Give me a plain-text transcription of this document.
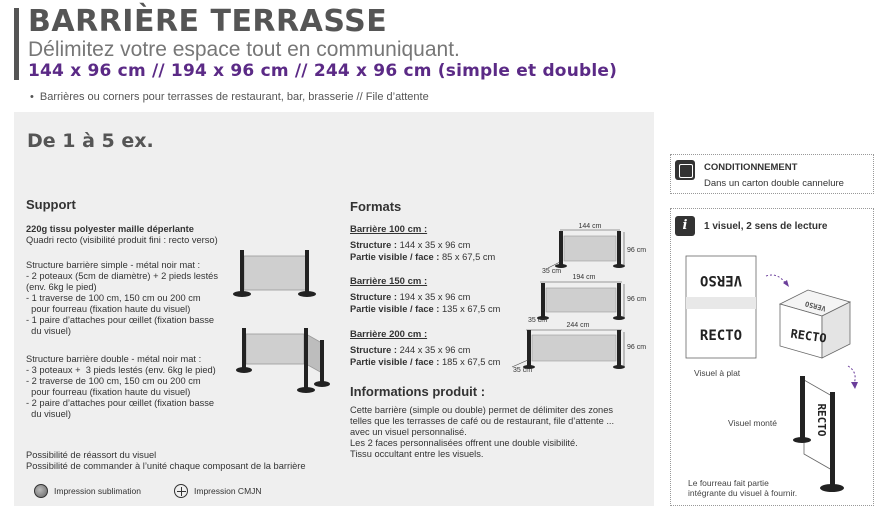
BARRIÈRE TERRASSE
Délimitez votre espace tout en communiquant.
144 x 96 cm // 194 x 96 cm // 244 x 96 cm (simple et double)
• Barrières ou corners pour terrasses de restaurant, bar, brasserie // File d’attente
De 1 à 5 ex.
Support
220g tissu polyester maille déperlante
Quadri recto (visibilité produit fini : recto verso)
Structure barrière simple - métal noir mat :
- 2 poteaux (5cm de diamètre) + 2 pieds lestés
(env. 6kg le pied)
- 1 traverse de 100 cm, 150 cm ou 200 cm
pour fourreau (fixation haute du visuel)
- 1 paire d’attaches pour œillet (fixation basse
du visuel)
Structure barrière double - métal noir mat :
- 3 poteaux +  3 pieds lestés (env. 6kg le pied)
- 2 traverse de 100 cm, 150 cm ou 200 cm
pour fourreau (fixation haute du visuel)
- 2 paire d’attaches pour œillet (fixation basse
du visuel)
Possibilité de réassort du visuel
Possibilité de commander à l’unité chaque composant de la barrière
Impression sublimation	Impression CMJN
Formats
Barrière 100 cm :
Structure : 144 x 35 x 96 cm
Partie visible / face : 85 x 67,5 cm
Barrière 150 cm :
Structure : 194 x 35 x 96 cm
Partie visible / face : 135 x 67,5 cm
Barrière 200 cm :
Structure : 244 x 35 x 96 cm
Partie visible / face : 185 x 67,5 cm
Informations produit :
Cette barrière (simple ou double) permet de délimiter des zones
telles que les terrasses de café ou de restaurant, file d’attente ...
avec un visuel personnalisé.
Les 2 faces personnalisées offrent une double visibilité.
Tissu occultant entre les visuels.
CONDITIONNEMENT
Dans un carton double cannelure
i	1 visuel, 2 sens de lecture
Visuel à plat
Visuel monté
Le fourreau fait partie
intégrante du visuel à fournir.
144 cm
96 cm
35 cm
194 cm
96 cm
35 cm
244 cm
96 cm
35 cm
VERSO
RECTO	RECTO
VERSO
RECTO
